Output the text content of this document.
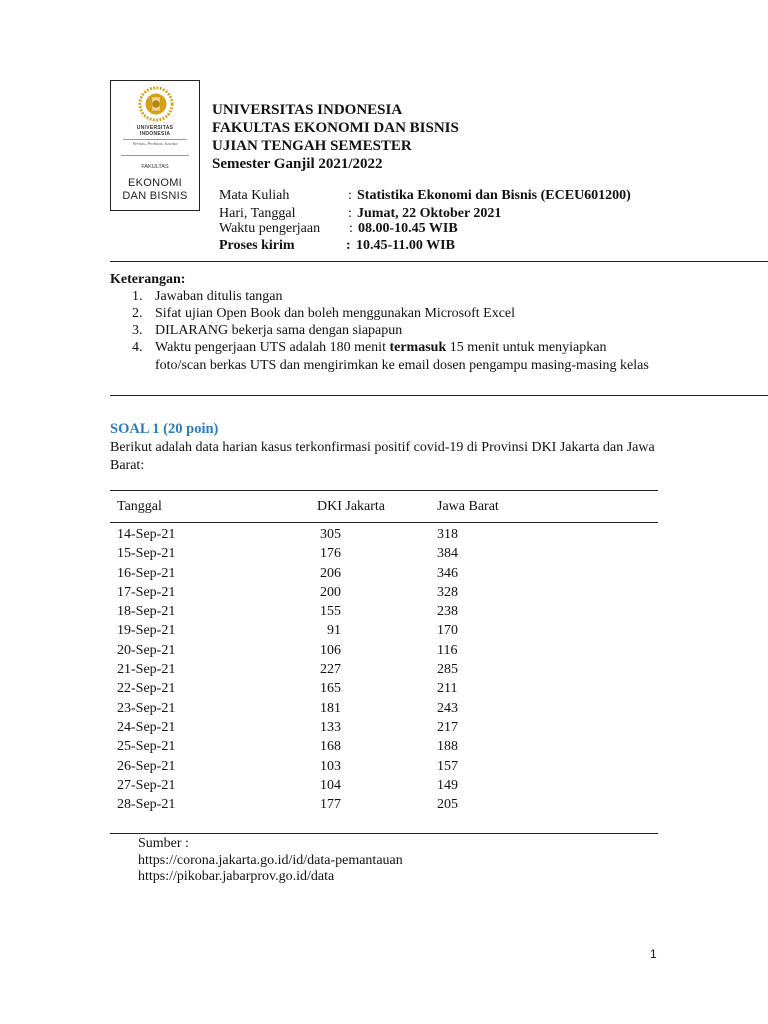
UNIVERSITAS
INDONESIA
Veritas, Probitas, Iustitia
FAKULTAS
EKONOMI
DAN BISNIS
UNIVERSITAS INDONESIA
FAKULTAS EKONOMI DAN BISNIS
UJIAN TENGAH SEMESTER
Semester Ganjil 2021/2022
Mata Kuliah	: Statistika Ekonomi dan Bisnis (ECEU601200)
Hari, Tanggal	: Jumat, 22 Oktober 2021
Waktu pengerjaan : 08.00-10.45 WIB
Proses kirim	: 10.45-11.00 WIB
Keterangan:
1. Jawaban ditulis tangan
2. Sifat ujian Open Book dan boleh menggunakan Microsoft Excel
3. DILARANG bekerja sama dengan siapapun
4. Waktu pengerjaan UTS adalah 180 menit termasuk 15 menit untuk menyiapkan foto/scan berkas UTS dan mengirimkan ke email dosen pengampu masing-masing kelas
SOAL 1 (20 poin)
Berikut adalah data harian kasus terkonfirmasi positif covid-19 di Provinsi DKI Jakarta dan Jawa Barat:
Tanggal	DKI Jakarta	Jawa Barat
14-Sep-21	305	318
15-Sep-21	176	384
16-Sep-21	206	346
17-Sep-21	200	328
18-Sep-21	155	238
19-Sep-21	91	170
20-Sep-21	106	116
21-Sep-21	227	285
22-Sep-21	165	211
23-Sep-21	181	243
24-Sep-21	133	217
25-Sep-21	168	188
26-Sep-21	103	157
27-Sep-21	104	149
28-Sep-21	177	205
Sumber :
https://corona.jakarta.go.id/id/data-pemantauan
https://pikobar.jabarprov.go.id/data
1
